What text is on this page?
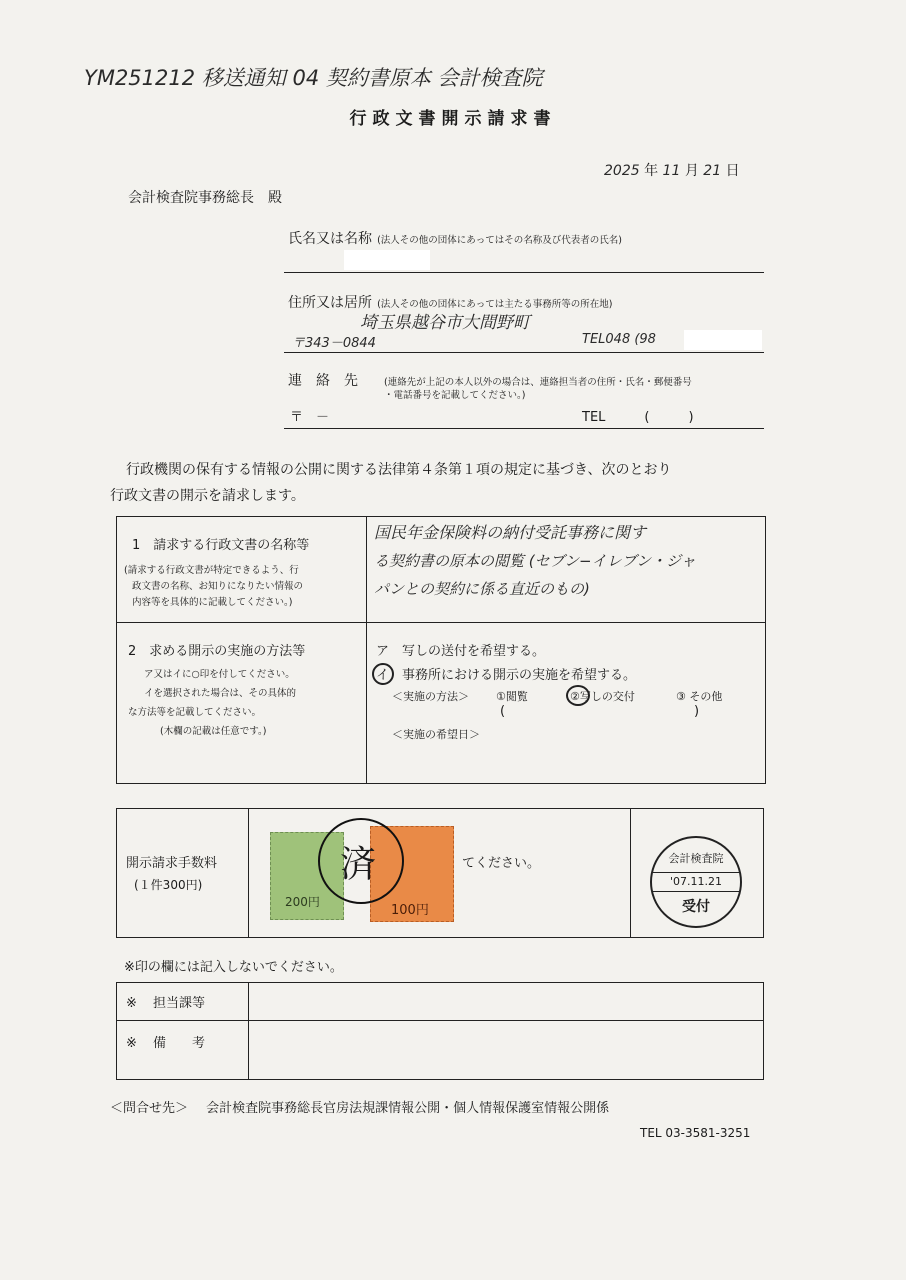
YM251212 移送通知 04 契約書原本 会計検査院
行政文書開示請求書
2025 年 11 月 21 日
会計検査院事務総長　殿
氏名又は名称 (法人その他の団体にあってはその名称及び代表者の氏名)
住所又は居所 (法人その他の団体にあっては主たる事務所等の所在地)
埼玉県越谷市大間野町
〒343－0844	TEL048 (98
連　絡　先	(連絡先が上記の本人以外の場合は、連絡担当者の住所・氏名・郵便番号
・電話番号を記載してください。)
〒　－	TEL　　　(　　　)
行政機関の保有する情報の公開に関する法律第４条第１項の規定に基づき、次のとおり
行政文書の開示を請求します。
1　請求する行政文書の名称等
(請求する行政文書が特定できるよう、行
政文書の名称、お知りになりたい情報の
内容等を具体的に記載してください。)
国民年金保険料の納付受託事務に関す
る契約書の原本の閲覧 (セブン−イレブン・ジャ
パンとの契約に係る直近のもの)
2　求める開示の実施の方法等
ア又はイに○印を付してください。
イを選択された場合は、その具体的
な方法等を記載してください。
(木欄の記載は任意です。)
ア　写しの送付を希望する。
イ　事務所における開示の実施を希望する。
＜実施の方法＞ ①閲覧	②写しの交付	③ その他
(	)
＜実施の希望日＞
開示請求手数料
(１件300円)
200円
100円
済	てください。	会計検査院
'07.11.21
受付
※印の欄には記入しないでください。
※ 担当課等
※ 備　　考
＜問合せ先＞ 会計検査院事務総長官房法規課情報公開・個人情報保護室情報公開係
TEL 03-3581-3251
